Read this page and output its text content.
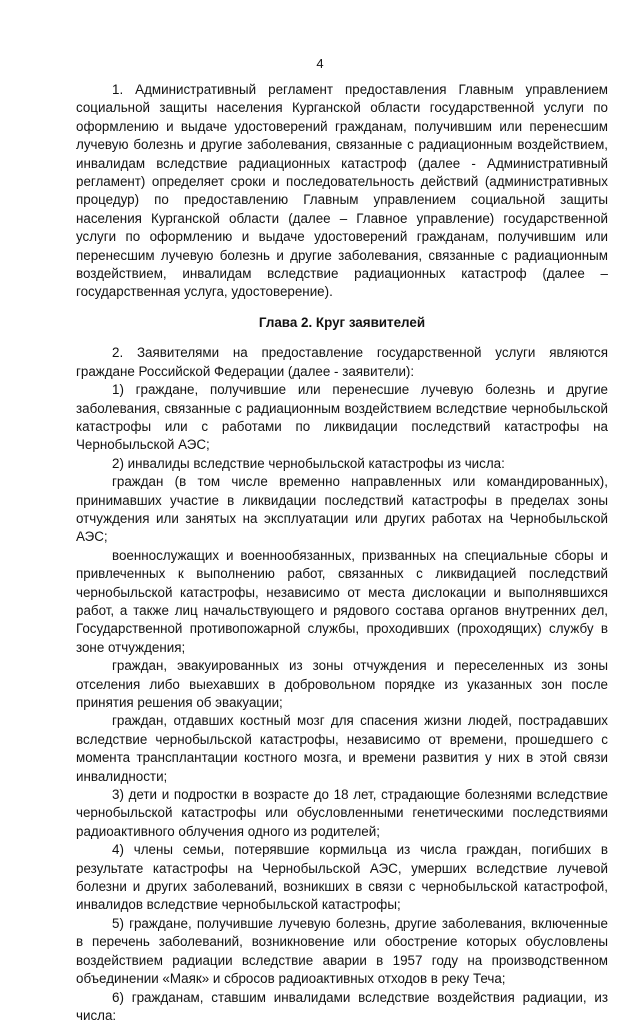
4

1. Административный регламент предоставления Главным управлением социальной защиты населения Курганской области государственной услуги по оформлению и выдаче удостоверений гражданам, получившим или перенесшим лучевую болезнь и другие заболевания, связанные с радиационным воздействием, инвалидам вследствие радиационных катастроф (далее - Административный регламент) определяет сроки и последовательность действий (административных процедур) по предоставлению Главным управлением социальной защиты населения Курганской области (далее – Главное управление) государственной услуги по оформлению и выдаче удостоверений гражданам, получившим или перенесшим лучевую болезнь и другие заболевания, связанные с радиационным воздействием, инвалидам вследствие радиационных катастроф (далее – государственная услуга, удостоверение).

Глава 2. Круг заявителей

2. Заявителями на предоставление государственной услуги являются граждане Российской Федерации (далее - заявители):

1) граждане, получившие или перенесшие лучевую болезнь и другие заболевания, связанные с радиационным воздействием вследствие чернобыльской катастрофы или с работами по ликвидации последствий катастрофы на Чернобыльской АЭС;

2) инвалиды вследствие чернобыльской катастрофы из числа:

граждан (в том числе временно направленных или командированных), принимавших участие в ликвидации последствий катастрофы в пределах зоны отчуждения или занятых на эксплуатации или других работах на Чернобыльской АЭС;

военнослужащих и военнообязанных, призванных на специальные сборы и привлеченных к выполнению работ, связанных с ликвидацией последствий чернобыльской катастрофы, независимо от места дислокации и выполнявшихся работ, а также лиц начальствующего и рядового состава органов внутренних дел, Государственной противопожарной службы, проходивших (проходящих) службу в зоне отчуждения;

граждан, эвакуированных из зоны отчуждения и переселенных из зоны отселения либо выехавших в добровольном порядке из указанных зон после принятия решения об эвакуации;

граждан, отдавших костный мозг для спасения жизни людей, пострадавших вследствие чернобыльской катастрофы, независимо от времени, прошедшего с момента трансплантации костного мозга, и времени развития у них в этой связи инвалидности;

3) дети и подростки в возрасте до 18 лет, страдающие болезнями вследствие чернобыльской катастрофы или обусловленными генетическими последствиями радиоактивного облучения одного из родителей;

4) члены семьи, потерявшие кормильца из числа граждан, погибших в результате катастрофы на Чернобыльской АЭС, умерших вследствие лучевой болезни и других заболеваний, возникших в связи с чернобыльской катастрофой, инвалидов вследствие чернобыльской катастрофы;

5) граждане, получившие лучевую болезнь, другие заболевания, включенные в перечень заболеваний, возникновение или обострение которых обусловлены воздействием радиации вследствие аварии в 1957 году на производственном объединении «Маяк» и сбросов радиоактивных отходов в реку Теча;

6) гражданам, ставшим инвалидами вследствие воздействия радиации, из числа:
